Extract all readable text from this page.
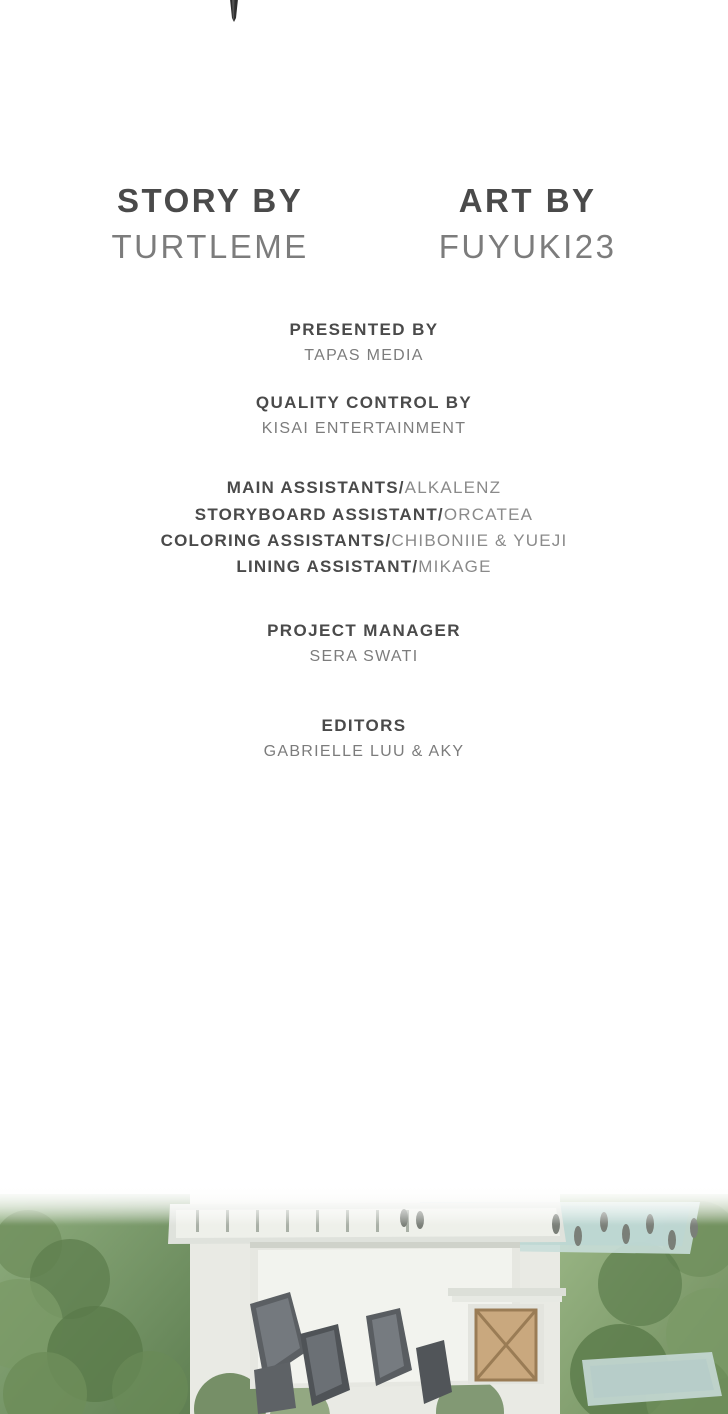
STORY BY
TURTLEME
ART BY
FUYUKI23
PRESENTED BY
TAPAS MEDIA
QUALITY CONTROL BY
KISAI ENTERTAINMENT
MAIN ASSISTANTS/ALKALENZ
STORYBOARD ASSISTANT/ORCATEA
COLORING ASSISTANTS/CHIBONIIE & YUEJI
LINING ASSISTANT/MIKAGE
PROJECT MANAGER
SERA SWATI
EDITORS
GABRIELLE LUU & AKY
